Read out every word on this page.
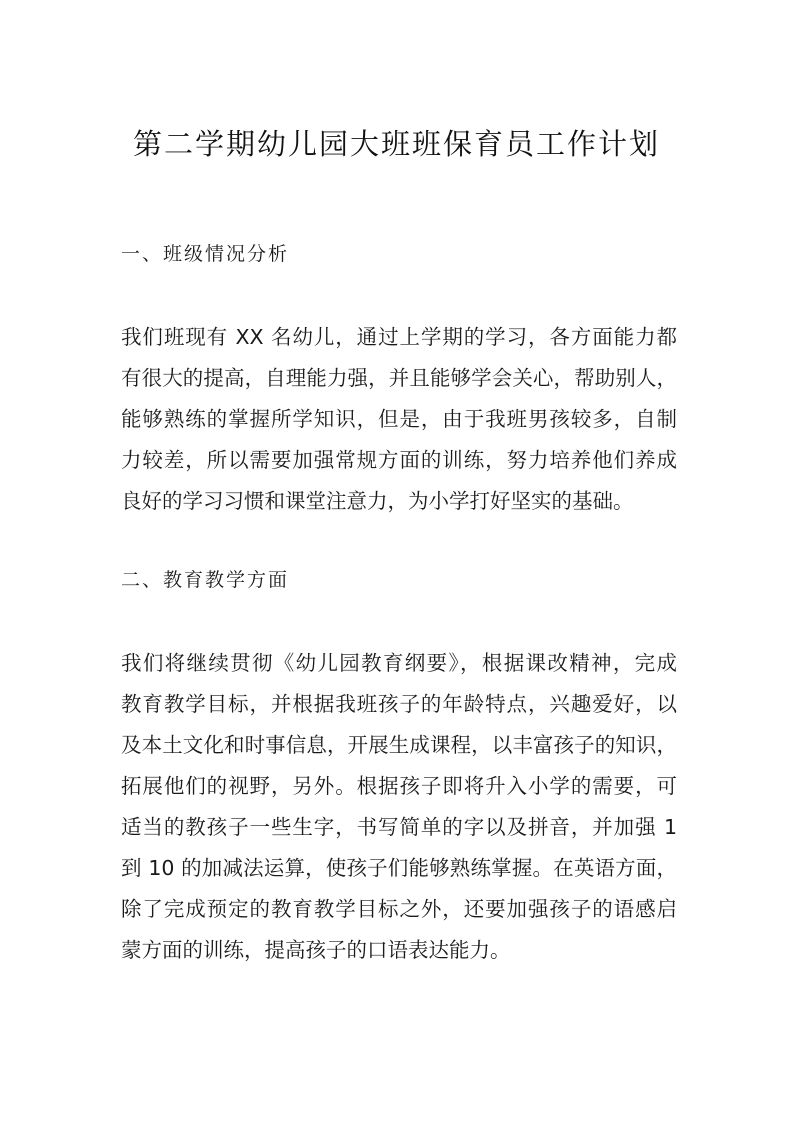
第二学期幼儿园大班班保育员工作计划
一、班级情况分析
我们班现有 XX 名幼儿，通过上学期的学习，各方面能力都
有很大的提高，自理能力强，并且能够学会关心，帮助别人，
能够熟练的掌握所学知识，但是，由于我班男孩较多，自制
力较差，所以需要加强常规方面的训练，努力培养他们养成
良好的学习习惯和课堂注意力，为小学打好坚实的基础。
二、教育教学方面
我们将继续贯彻《幼儿园教育纲要》，根据课改精神，完成
教育教学目标，并根据我班孩子的年龄特点，兴趣爱好，以
及本土文化和时事信息，开展生成课程，以丰富孩子的知识，
拓展他们的视野，另外。根据孩子即将升入小学的需要，可
适当的教孩子一些生字，书写简单的字以及拼音，并加强 1
到 10 的加减法运算，使孩子们能够熟练掌握。在英语方面，
除了完成预定的教育教学目标之外，还要加强孩子的语感启
蒙方面的训练，提高孩子的口语表达能力。
